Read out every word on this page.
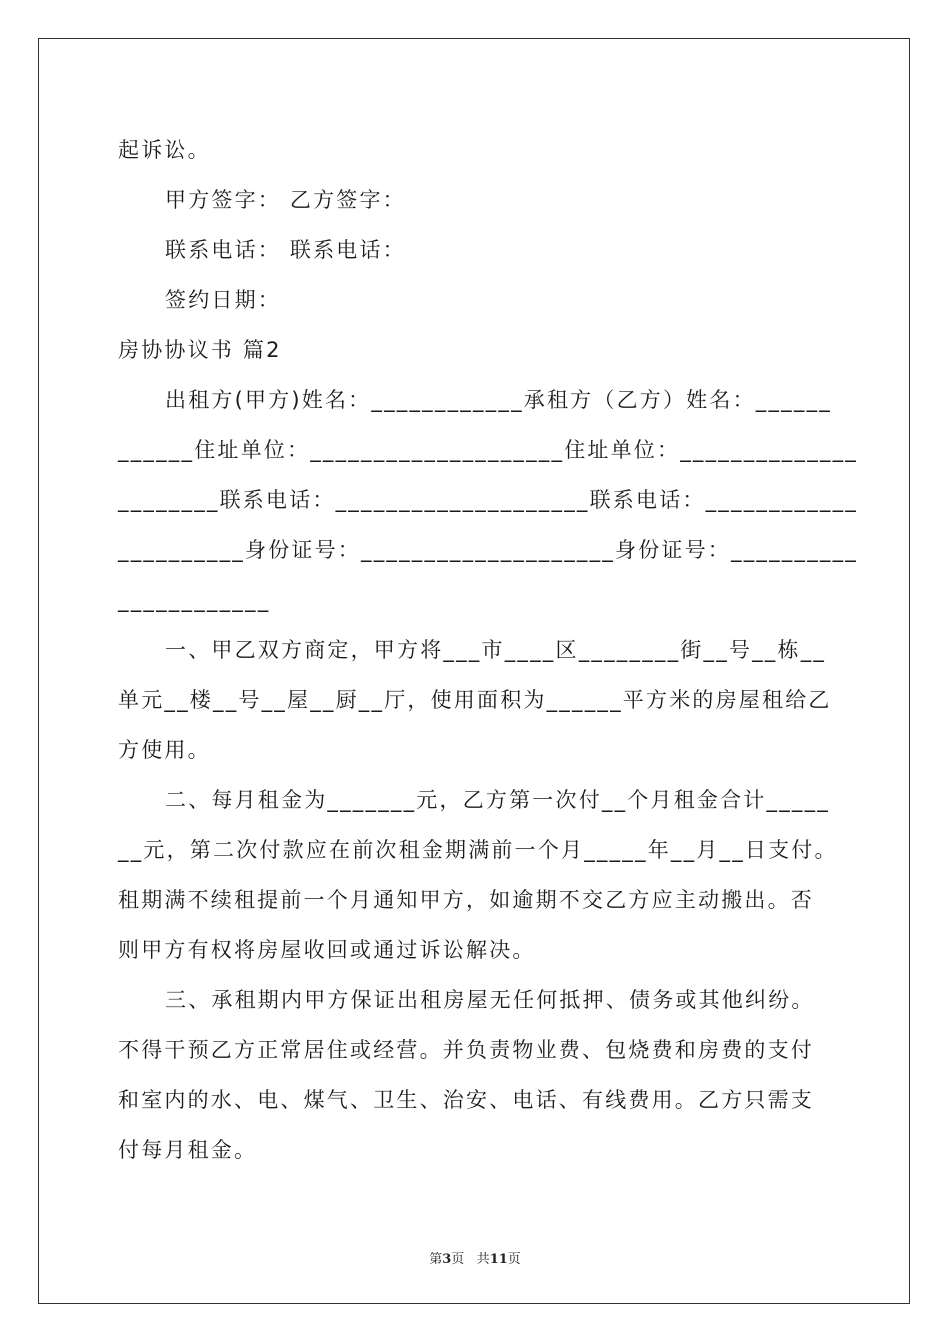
起诉讼。
甲方签字： 乙方签字：
联系电话： 联系电话：
签约日期：
房协协议书 篇2
出租方(甲方)姓名：____________承租方（乙方）姓名：______
______住址单位：____________________住址单位：______________
________联系电话：____________________联系电话：____________
__________身份证号：____________________身份证号：__________
____________
一、甲乙双方商定，甲方将___市____区________街__号__栋__
单元__楼__号__屋__厨__厅，使用面积为______平方米的房屋租给乙
方使用。
二、每月租金为_______元，乙方第一次付__个月租金合计_____
__元，第二次付款应在前次租金期满前一个月_____年__月__日支付。
租期满不续租提前一个月通知甲方，如逾期不交乙方应主动搬出。否
则甲方有权将房屋收回或通过诉讼解决。
三、承租期内甲方保证出租房屋无任何抵押、债务或其他纠纷。
不得干预乙方正常居住或经营。并负责物业费、包烧费和房费的支付
和室内的水、电、煤气、卫生、治安、电话、有线费用。乙方只需支
付每月租金。
第3页 共11页
